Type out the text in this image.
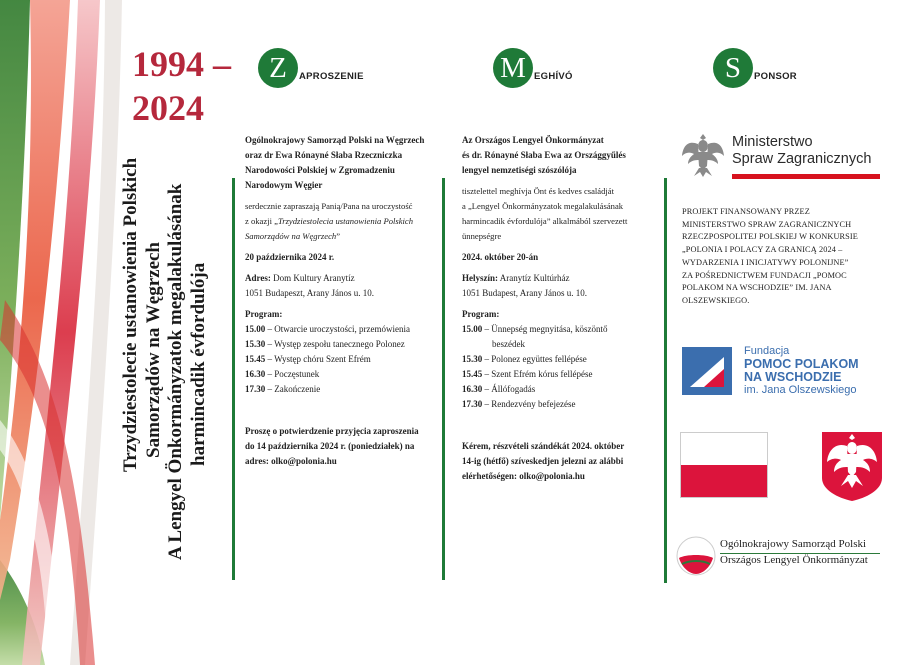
1994 –
2024
Trzydziestolecie ustanowienia Polskich Samorządów na Węgrzech A Lengyel Önkormányzatok megalakulásának harmincadik évfordulója
Z	APROSZENIE	M EGHÍVÓ	S	PONSOR
Ogólnokrajowy Samorząd Polski na Węgrzech
oraz dr Ewa Rónayné Słaba Rzeczniczka
Narodowości Polskiej w Zgromadzeniu
Narodowym Węgier
serdecznie zapraszają Panią/Pana na uroczystość
z okazji „Trzydziestolecia ustanowienia Polskich
Samorządów na Węgrzech”
20 października 2024 r.
Adres: Dom Kultury Aranytíz
1051 Budapeszt, Arany János u. 10.
Program:
15.00 – Otwarcie uroczystości, przemówienia
15.30 – Występ zespołu tanecznego Polonez
15.45 – Występ chóru Szent Efrém
16.30 – Poczęstunek
17.30 – Zakończenie
Proszę o potwierdzenie przyjęcia zaproszenia
do 14 października 2024 r. (poniedziałek) na
adres: olko@polonia.hu
Az Országos Lengyel Önkormányzat
és dr. Rónayné Słaba Ewa az Országgyűlés
lengyel nemzetiségi szószólója
tisztelettel meghívja Önt és kedves családját
a „Lengyel Önkormányzatok megalakulásának
harmincadik évfordulója” alkalmából szervezett
ünnepségre
2024. október 20-án
Helyszín: Aranytíz Kultúrház
1051 Budapest, Arany János u. 10.
Program:
15.00 – Ünnepség megnyitása, köszöntő
beszédek
15.30 – Polonez együttes fellépése
15.45 – Szent Efrém kórus fellépése
16.30 – Állófogadás
17.30 – Rendezvény befejezése
Kérem, részvételi szándékát 2024. október
14-ig (hétfő) szíveskedjen jelezni az alábbi
elérhetőségen: olko@polonia.hu
Ministerstwo
Spraw Zagranicznych
PROJEKT FINANSOWANY PRZEZ
MINISTERSTWO SPRAW ZAGRANICZNYCH
RZECZPOSPOLITEJ POLSKIEJ W KONKURSIE
„POLONIA I POLACY ZA GRANICĄ 2024 –
WYDARZENIA I INICJATYWY POLONIJNE”
ZA POŚREDNICTWEM FUNDACJI „POMOC
POLAKOM NA WSCHODZIE” IM. JANA
OLSZEWSKIEGO.
Fundacja
POMOC POLAKOM
NA WSCHODZIE
im. Jana Olszewskiego
Ogólnokrajowy Samorząd Polski
Országos Lengyel Önkormányzat
